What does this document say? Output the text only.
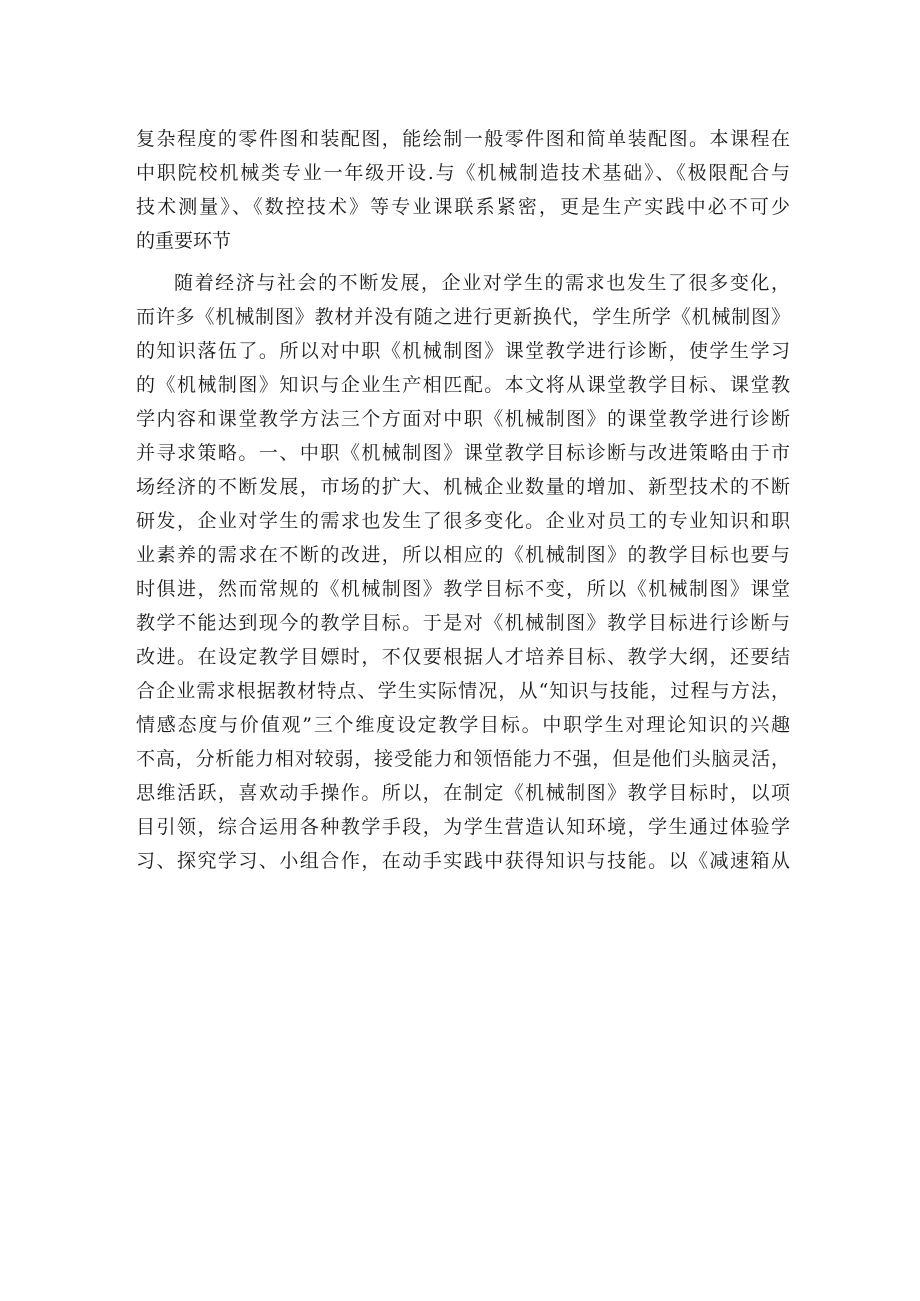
复杂程度的零件图和装配图，能绘制一般零件图和简单装配图。本课程在
中职院校机械类专业一年级开设.与《机械制造技术基础》、《极限配合与
技术测量》、《数控技术》等专业课联系紧密，更是生产实践中必不可少
的重要环节
随着经济与社会的不断发展，企业对学生的需求也发生了很多变化，
而许多《机械制图》教材并没有随之进行更新换代，学生所学《机械制图》
的知识落伍了。所以对中职《机械制图》课堂教学进行诊断，使学生学习
的《机械制图》知识与企业生产相匹配。本文将从课堂教学目标、课堂教
学内容和课堂教学方法三个方面对中职《机械制图》的课堂教学进行诊断
并寻求策略。一、中职《机械制图》课堂教学目标诊断与改进策略由于市
场经济的不断发展，市场的扩大、机械企业数量的增加、新型技术的不断
研发，企业对学生的需求也发生了很多变化。企业对员工的专业知识和职
业素养的需求在不断的改进，所以相应的《机械制图》的教学目标也要与
时俱进，然而常规的《机械制图》教学目标不变，所以《机械制图》课堂
教学不能达到现今的教学目标。于是对《机械制图》教学目标进行诊断与
改进。在设定教学目嫖时，不仅要根据人才培养目标、教学大纲，还要结
合企业需求根据教材特点、学生实际情况，从“知识与技能，过程与方法，
情感态度与价值观”三个维度设定教学目标。中职学生对理论知识的兴趣
不高，分析能力相对较弱，接受能力和领悟能力不强，但是他们头脑灵活，
思维活跃，喜欢动手操作。所以，在制定《机械制图》教学目标时，以项
目引领，综合运用各种教学手段，为学生营造认知环境，学生通过体验学
习、探究学习、小组合作，在动手实践中获得知识与技能。以《减速箱从
